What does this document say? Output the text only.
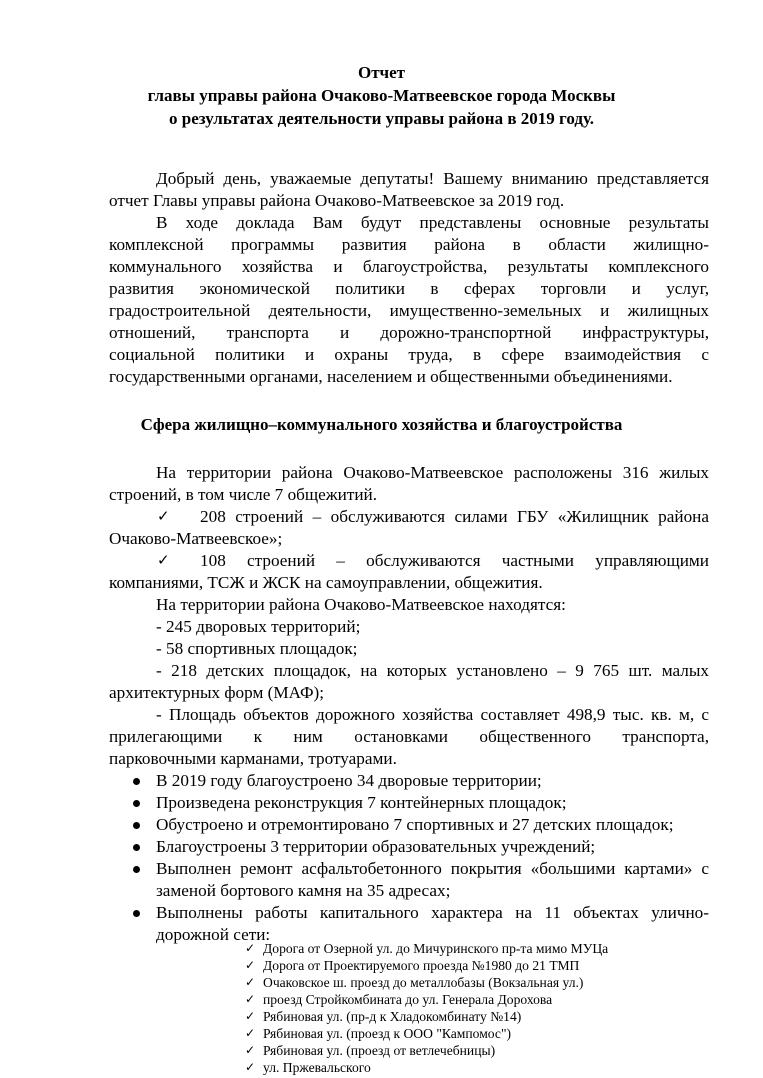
Отчет
главы управы района Очаково-Матвеевское города Москвы
о результатах деятельности управы района в 2019 году.
Добрый день, уважаемые депутаты! Вашему вниманию представляется
отчет Главы управы района Очаково-Матвеевское за 2019 год.
В ходе доклада Вам будут представлены основные результаты
комплексной программы развития района в области жилищно-
коммунального хозяйства и благоустройства, результаты комплексного
развития экономической политики в сферах торговли и услуг,
градостроительной деятельности, имущественно-земельных и жилищных
отношений, транспорта и дорожно-транспортной инфраструктуры,
социальной политики и охраны труда, в сфере взаимодействия с
государственными органами, населением и общественными объединениями.
Сфера жилищно–коммунального хозяйства и благоустройства
На территории района Очаково-Матвеевское расположены 316 жилых
строений, в том числе 7 общежитий.
✓ 208 строений – обслуживаются силами ГБУ «Жилищник района
Очаково-Матвеевское»;
✓ 108 строений – обслуживаются частными управляющими
компаниями, ТСЖ и ЖСК на самоуправлении, общежития.
На территории района Очаково-Матвеевское находятся:
- 245 дворовых территорий;
- 58 спортивных площадок;
- 218 детских площадок, на которых установлено – 9 765 шт. малых
архитектурных форм (МАФ);
- Площадь объектов дорожного хозяйства составляет 498,9 тыс. кв. м, с
прилегающими к ним остановками общественного транспорта,
парковочными карманами, тротуарами.
В 2019 году благоустроено 34 дворовые территории;
Произведена реконструкция 7 контейнерных площадок;
Обустроено и отремонтировано 7 спортивных и 27 детских площадок;
Благоустроены 3 территории образовательных учреждений;
Выполнен ремонт асфальтобетонного покрытия «большими картами» с
заменой бортового камня на 35 адресах;
Выполнены работы капитального характера на 11 объектах улично-
дорожной сети:
✓ Дорога от Озерной ул. до Мичуринского пр-та мимо МУЦа
✓ Дорога от Проектируемого проезда №1980 до 21 ТМП
✓ Очаковское ш. проезд до металлобазы (Вокзальная ул.)
✓ проезд Стройкомбината до ул. Генерала Дорохова
✓ Рябиновая ул. (пр-д к Хладокомбинату №14)
✓ Рябиновая ул. (проезд к ООО "Кампомос")
✓ Рябиновая ул. (проезд от ветлечебницы)
✓ ул. Пржевальского
